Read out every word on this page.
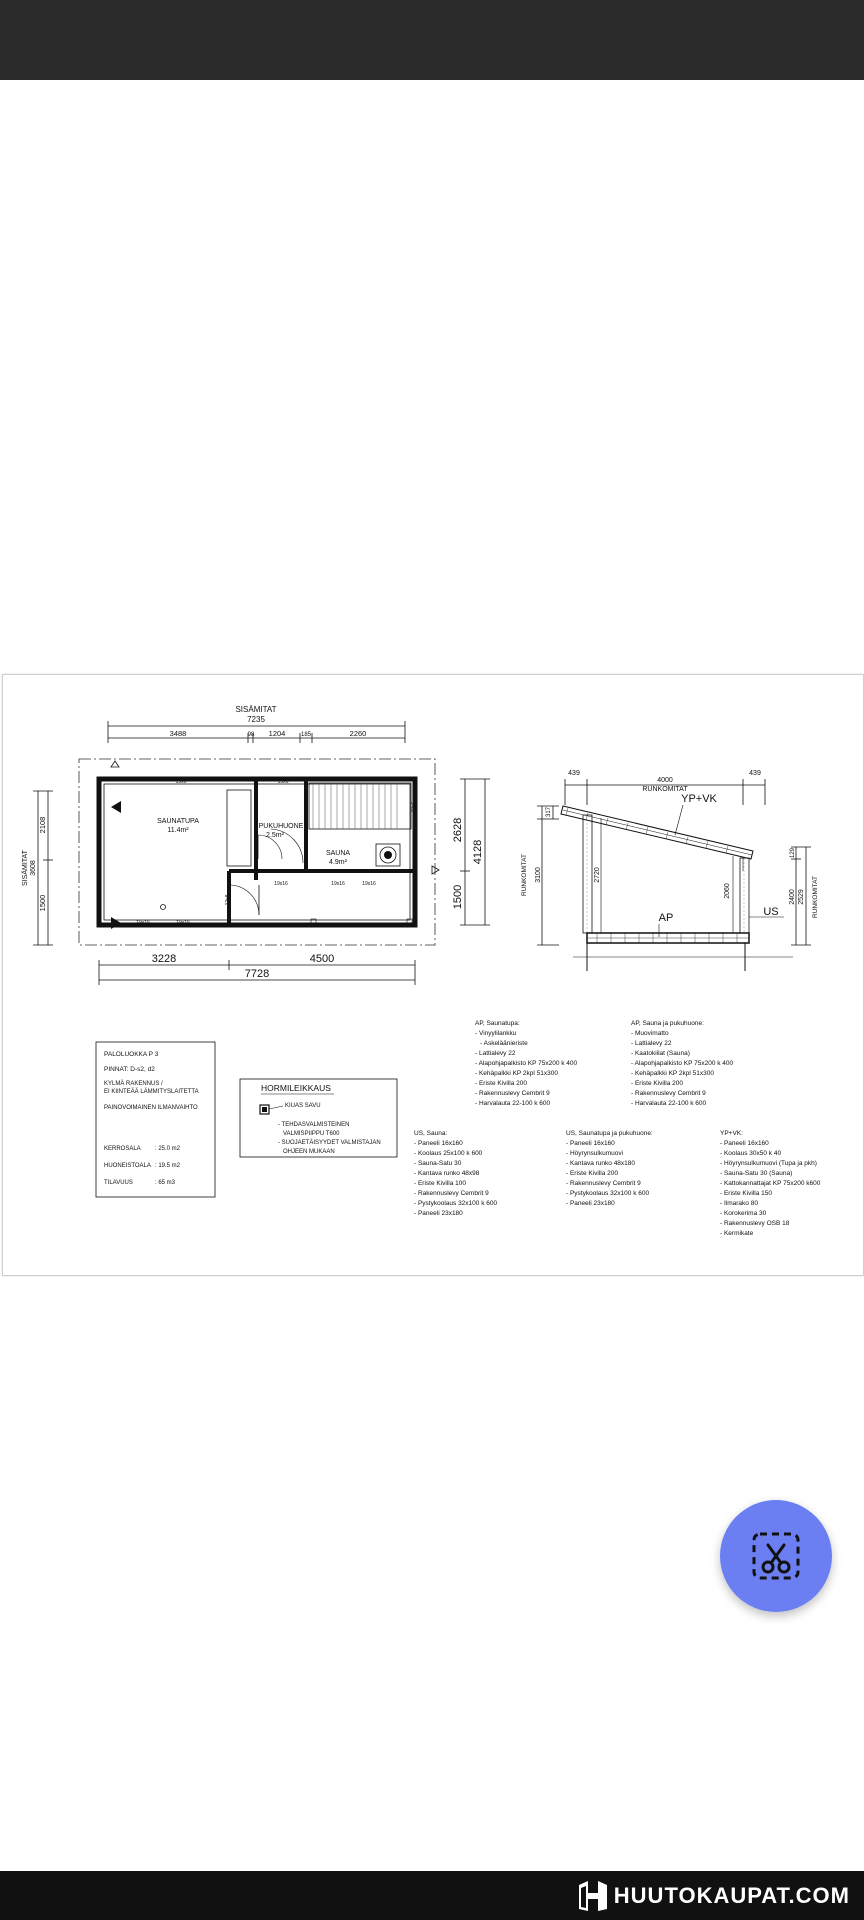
SISÄMITAT
7235
3488	98 1204	185	2260
SISÄMITAT 3608
2108
1500
SAUNATUPA
11.4m²
PUKUHUONE
2.5m²
SAUNA
4.9m²
19x6	19x6
19x16	19x16
19x16	19x16	19x16
12x8
19x6
2628
1500
4128
3228	4500
7728
4000
RUNKOMITAT
439	439
YP+VK
AP	US
317
3100
RUNKOMITAT	2720
2060
129
2529
2400 RUNKOMITAT
PALOLUOKKA P 3
PINNAT: D-s2, d2
KYLMÄ RAKENNUS /
EI KIINTEÄÄ LÄMMITYSLAITETTA
PAINOVOIMAINEN ILMANVAIHTO
KERROSALA : 25.0 m2
HUONEISTOALA : 19.5 m2
TILAVUUS	: 65 m3
HORMILEIKKAUS
KIUAS SAVU
- TEHDASVALMISTEINEN
VALMISPIIPPU T600
- SUOJAETÄISYYDET VALMISTAJAN
OHJEEN MUKAAN
AP, Saunatupa:
- Vinyylilankku
- Askeläänieriste
- Lattialevy 22
- Alapohjapalkisto KP 75x200 k 400
- Kehäpalkki KP 2kpl 51x300
- Eriste Kivilla 200
- Rakennuslevy Cembrit 9
- Harvalauta 22-100 k 600
AP, Sauna ja pukuhuone:
- Muovimatto
- Lattialevy 22
- Kaatokiilat (Sauna)
- Alapohjapalkisto KP 75x200 k 400
- Kehäpalkki KP 2kpl 51x300
- Eriste Kivilla 200
- Rakennuslevy Cembrit 9
- Harvalauta 22-100 k 600
US, Sauna:
- Paneeli 16x160
- Koolaus 25x100 k 600
- Sauna-Satu 30
- Kantava runko 48x98
- Eriste Kivilla 100
- Rakennuslevy Cembrit 9
- Pystykoolaus 32x100 k 600
- Paneeli 23x180
US, Saunatupa ja pukuhuone:
- Paneeli 16x160
- Höyrynsulkumuovi
- Kantava runko 48x180
- Eriste Kivilla 200
- Rakennuslevy Cembrit 9
- Pystykoolaus 32x100 k 600
- Paneeli 23x180
YP+VK:
- Paneeli 16x160
- Koolaus 30x50 k 40
- Höyrynsulkumuovi (Tupa ja pkh)
- Sauna-Satu 30 (Sauna)
- Kattokannattajat KP 75x200 k600
- Eriste Kivilla 150
- Ilmarako 80
- Korokerima 30
- Rakennuslevy OSB 18
- Kermikate
HUUTOKAUPAT.COM
